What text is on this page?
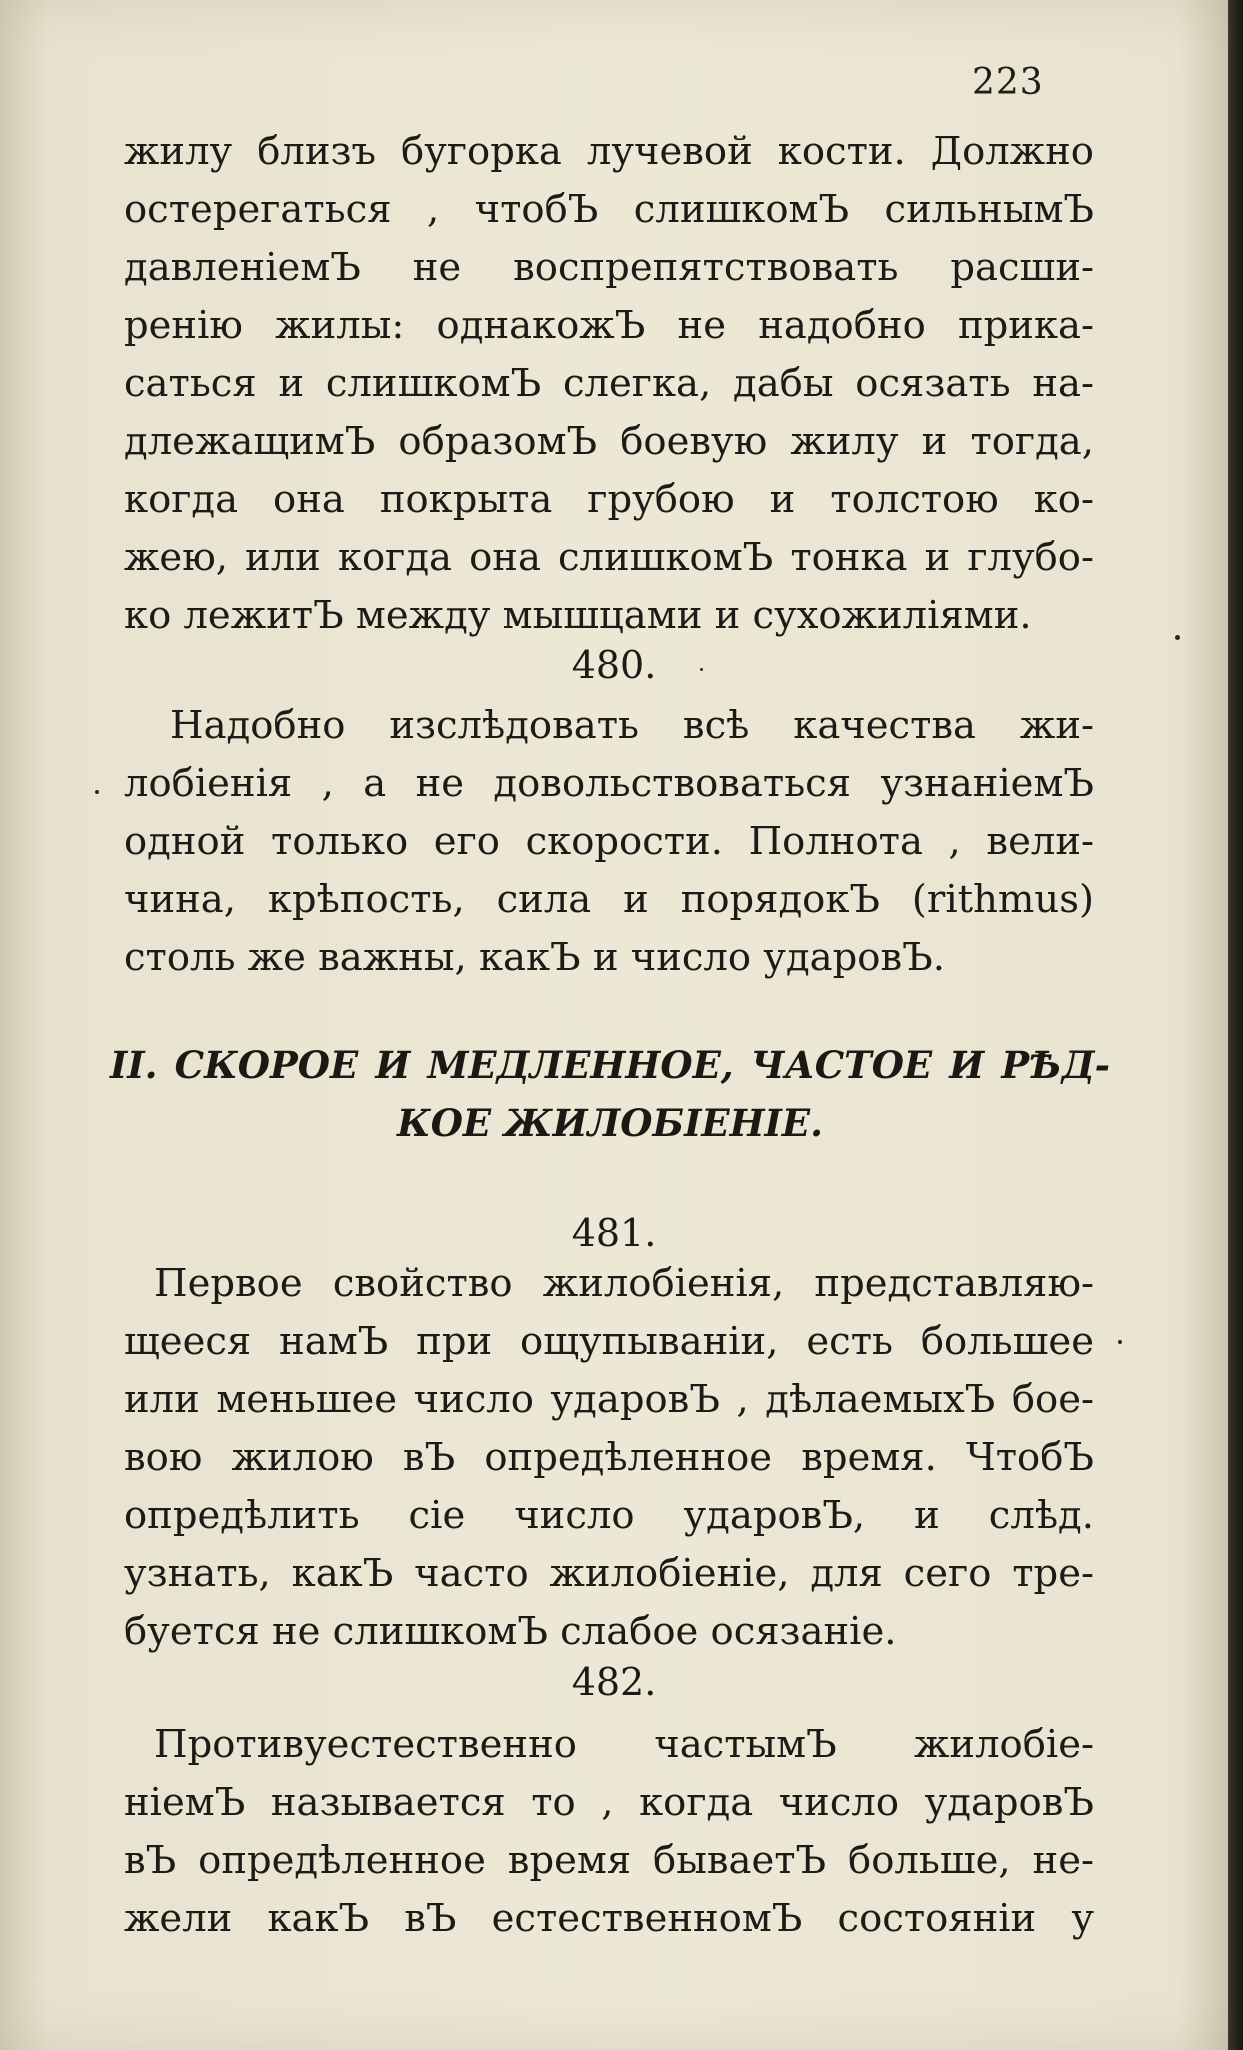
223
жилу близъ бугорка лучевой кости. Должно
остерегаться , чтобЪ слишкомЪ сильнымЪ
давленіемЪ не воспрепятствовать расши-
ренію жилы: однакожЪ не надобно прика-
саться и слишкомЪ слегка, дабы осязать на-
длежащимЪ образомЪ боевую жилу и тогда,
когда она покрыта грубою и толстою ко-
жею, или когда она слишкомЪ тонка и глубо-
ко лежитЪ между мышцами и сухожиліями.
480.
Надобно изслѣдовать всѣ качества жи-
лобіенія , а не довольствоваться узнаніемЪ
одной только его скорости. Полнота , вели-
чина, крѣпость, сила и порядокЪ (rithmus)
столь же важны, какЪ и число ударовЪ.
II. СКОРОЕ И МЕДЛЕННОЕ, ЧАСТОЕ И РѢД-
КОЕ ЖИЛОБІЕНІЕ.
481.
Первое свойство жилобіенія, представляю-
щееся намЪ при ощупываніи, есть большее
или меньшее число ударовЪ , дѣлаемыхЪ бое-
вою жилою вЪ опредѣленное время. ЧтобЪ
опредѣлить сіе число ударовЪ, и слѣд.
узнать, какЪ часто жилобіеніе, для сего тре-
буется не слишкомЪ слабое осязаніе.
482.
Противуестественно частымЪ жилобіе-
ніемЪ называется то , когда число ударовЪ
вЪ опредѣленное время бываетЪ больше, не-
жели какЪ вЪ естественномЪ состояніи у
